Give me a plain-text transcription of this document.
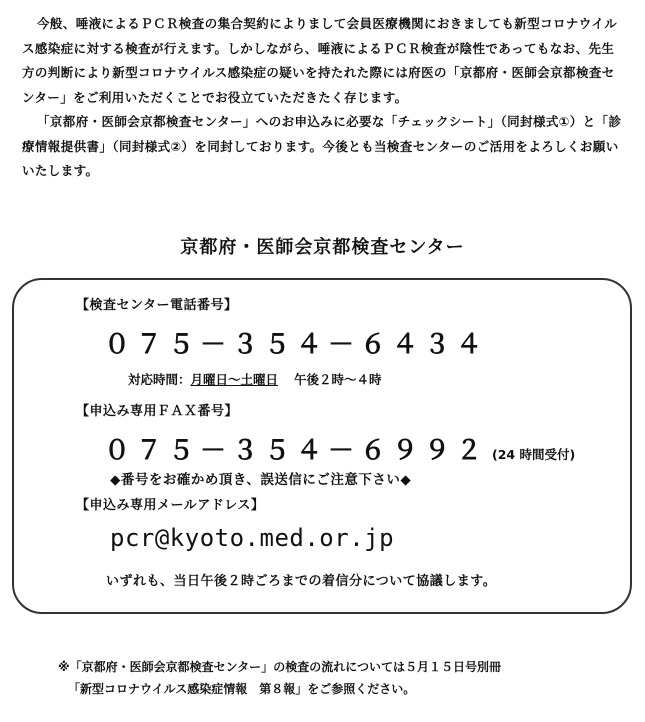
今般、唾液によるＰＣＲ検査の集合契約によりまして会員医療機関におきましても新型コロナウイルス感染症に対する検査が行えます。しかしながら、唾液によるＰＣＲ検査が陰性であってもなお、先生方の判断により新型コロナウイルス感染症の疑いを持たれた際には府医の「京都府・医師会京都検査センター」をご利用いただくことでお役立ていただきたく存じます。

「京都府・医師会京都検査センター」へのお申込みに必要な「チェックシート」（同封様式①）と「診療情報提供書」（同封様式②）を同封しております。今後とも当検査センターのご活用をよろしくお願いいたします。

京都府・医師会京都検査センター
【検査センター電話番号】
０７５－３５４－６４３４
対応時間：月曜日～土曜日 午後２時～４時
【申込み専用ＦＡＸ番号】
０７５－３５４－６９９２ (24 時間受付)
◆番号をお確かめ頂き、誤送信にご注意下さい◆
【申込み専用メールアドレス】
pcr@kyoto.med.or.jp
いずれも、当日午後２時ごろまでの着信分について協議します。
※「京都府・医師会京都検査センター」の検査の流れについては５月１５日号別冊
「新型コロナウイルス感染症情報　第８報」をご参照ください。
